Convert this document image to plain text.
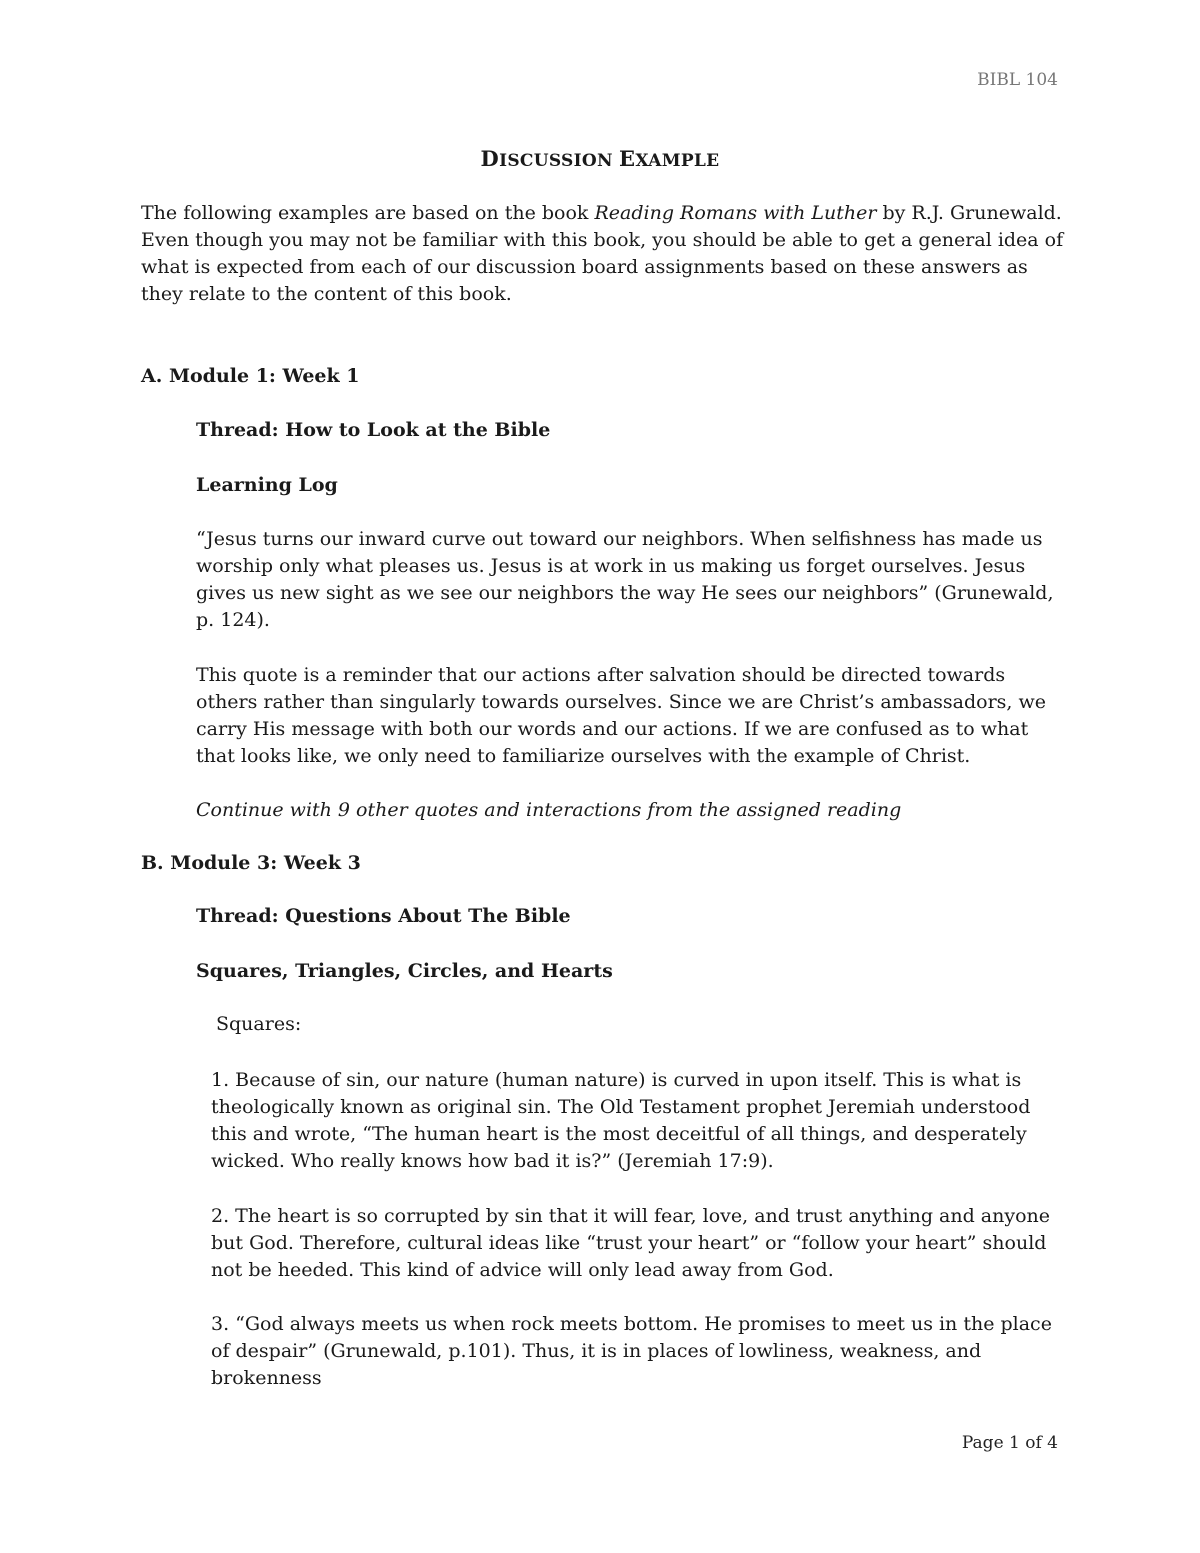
BIBL 104
DISCUSSION EXAMPLE

The following examples are based on the book Reading Romans with Luther by R.J. Grunewald. Even though you may not be familiar with this book, you should be able to get a general idea of what is expected from each of our discussion board assignments based on these answers as they relate to the content of this book.

A. Module 1: Week 1

Thread: How to Look at the Bible

Learning Log

“Jesus turns our inward curve out toward our neighbors. When selfishness has made us worship only what pleases us. Jesus is at work in us making us forget ourselves. Jesus gives us new sight as we see our neighbors the way He sees our neighbors” (Grunewald, p. 124).

This quote is a reminder that our actions after salvation should be directed towards others rather than singularly towards ourselves. Since we are Christ’s ambassadors, we carry His message with both our words and our actions. If we are confused as to what that looks like, we only need to familiarize ourselves with the example of Christ.

Continue with 9 other quotes and interactions from the assigned reading

B. Module 3: Week 3

Thread: Questions About The Bible

Squares, Triangles, Circles, and Hearts

Squares:

1. Because of sin, our nature (human nature) is curved in upon itself. This is what is theologically known as original sin. The Old Testament prophet Jeremiah understood this and wrote, “The human heart is the most deceitful of all things, and desperately wicked. Who really knows how bad it is?” (Jeremiah 17:9).

2. The heart is so corrupted by sin that it will fear, love, and trust anything and anyone but God. Therefore, cultural ideas like “trust your heart” or “follow your heart” should not be heeded. This kind of advice will only lead away from God.

3. “God always meets us when rock meets bottom. He promises to meet us in the place of despair” (Grunewald, p.101). Thus, it is in places of lowliness, weakness, and brokenness

Page 1 of 4
